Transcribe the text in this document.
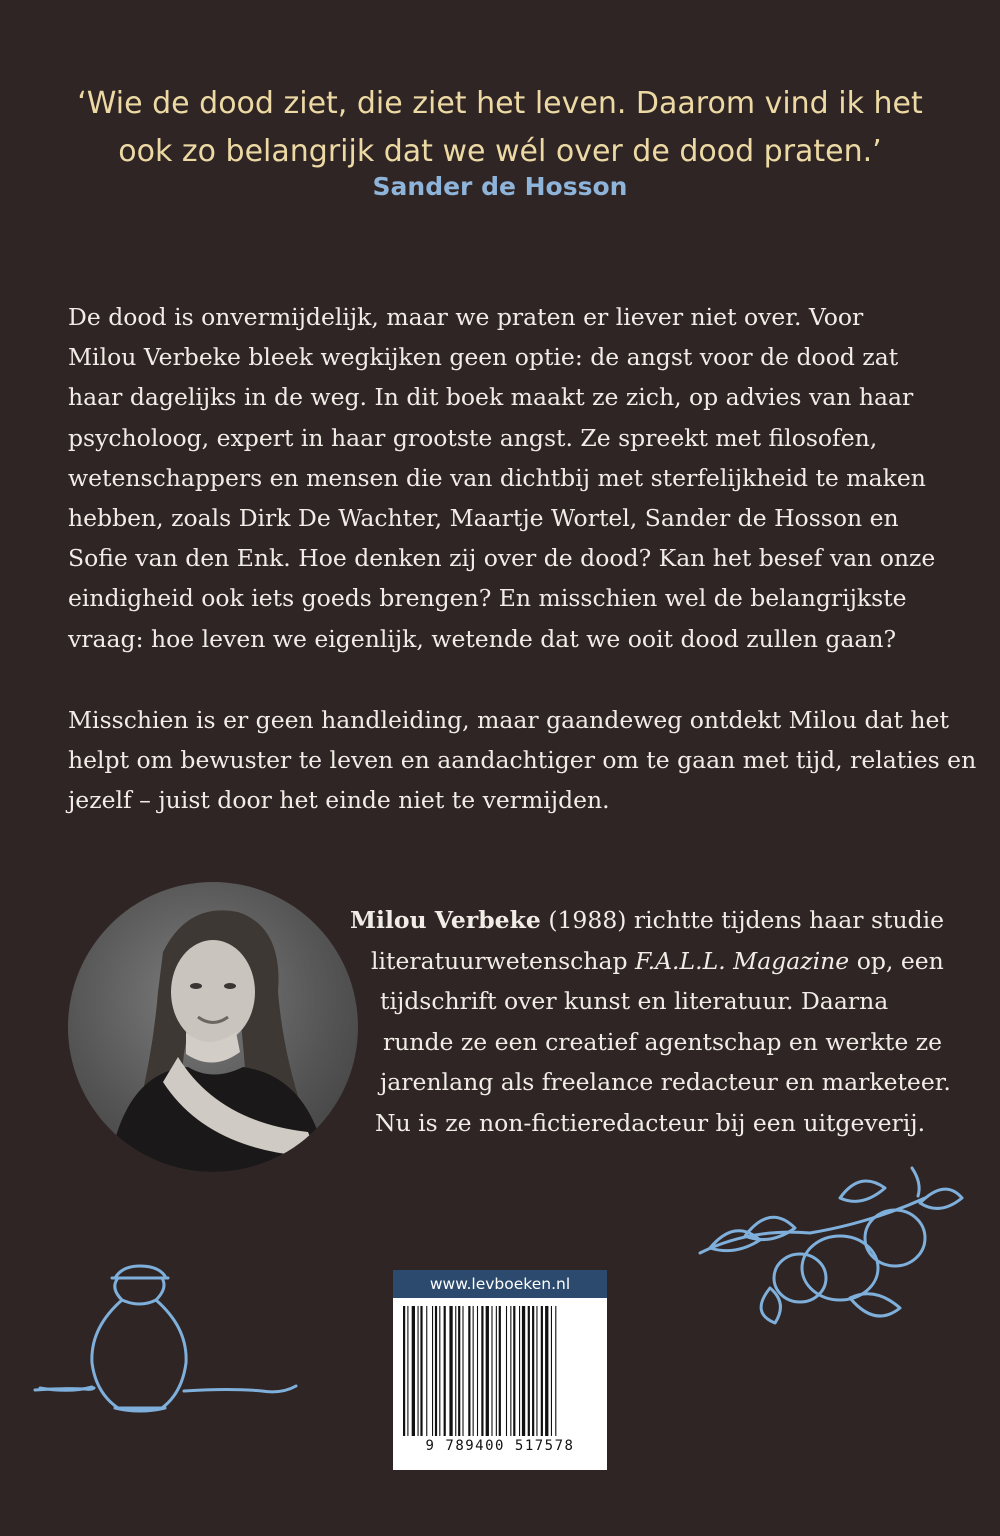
‘Wie de dood ziet, die ziet het leven. Daarom vind ik het
ook zo belangrijk dat we wél over de dood praten.’
Sander de Hosson
De dood is onvermijdelijk, maar we praten er liever niet over. Voor
Milou Verbeke bleek wegkijken geen optie: de angst voor de dood zat
haar dagelijks in de weg. In dit boek maakt ze zich, op advies van haar
psycholoog, expert in haar grootste angst. Ze spreekt met filosofen,
wetenschappers en mensen die van dichtbij met sterfelijkheid te maken
hebben, zoals Dirk De Wachter, Maartje Wortel, Sander de Hosson en
Sofie van den Enk. Hoe denken zij over de dood? Kan het besef van onze
eindigheid ook iets goeds brengen? En misschien wel de belangrijkste
vraag: hoe leven we eigenlijk, wetende dat we ooit dood zullen gaan?
Misschien is er geen handleiding, maar gaandeweg ontdekt Milou dat het
helpt om bewuster te leven en aandachtiger om te gaan met tijd, relaties en
jezelf – juist door het einde niet te vermijden.
Milou Verbeke (1988) richtte tijdens haar studie
literatuurwetenschap F.A.L.L. Magazine op, een
tijdschrift over kunst en literatuur. Daarna
runde ze een creatief agentschap en werkte ze
jarenlang als freelance redacteur en marketeer.
Nu is ze non-fictieredacteur bij een uitgeverij.
www.levboeken.nl
9 789400 517578
